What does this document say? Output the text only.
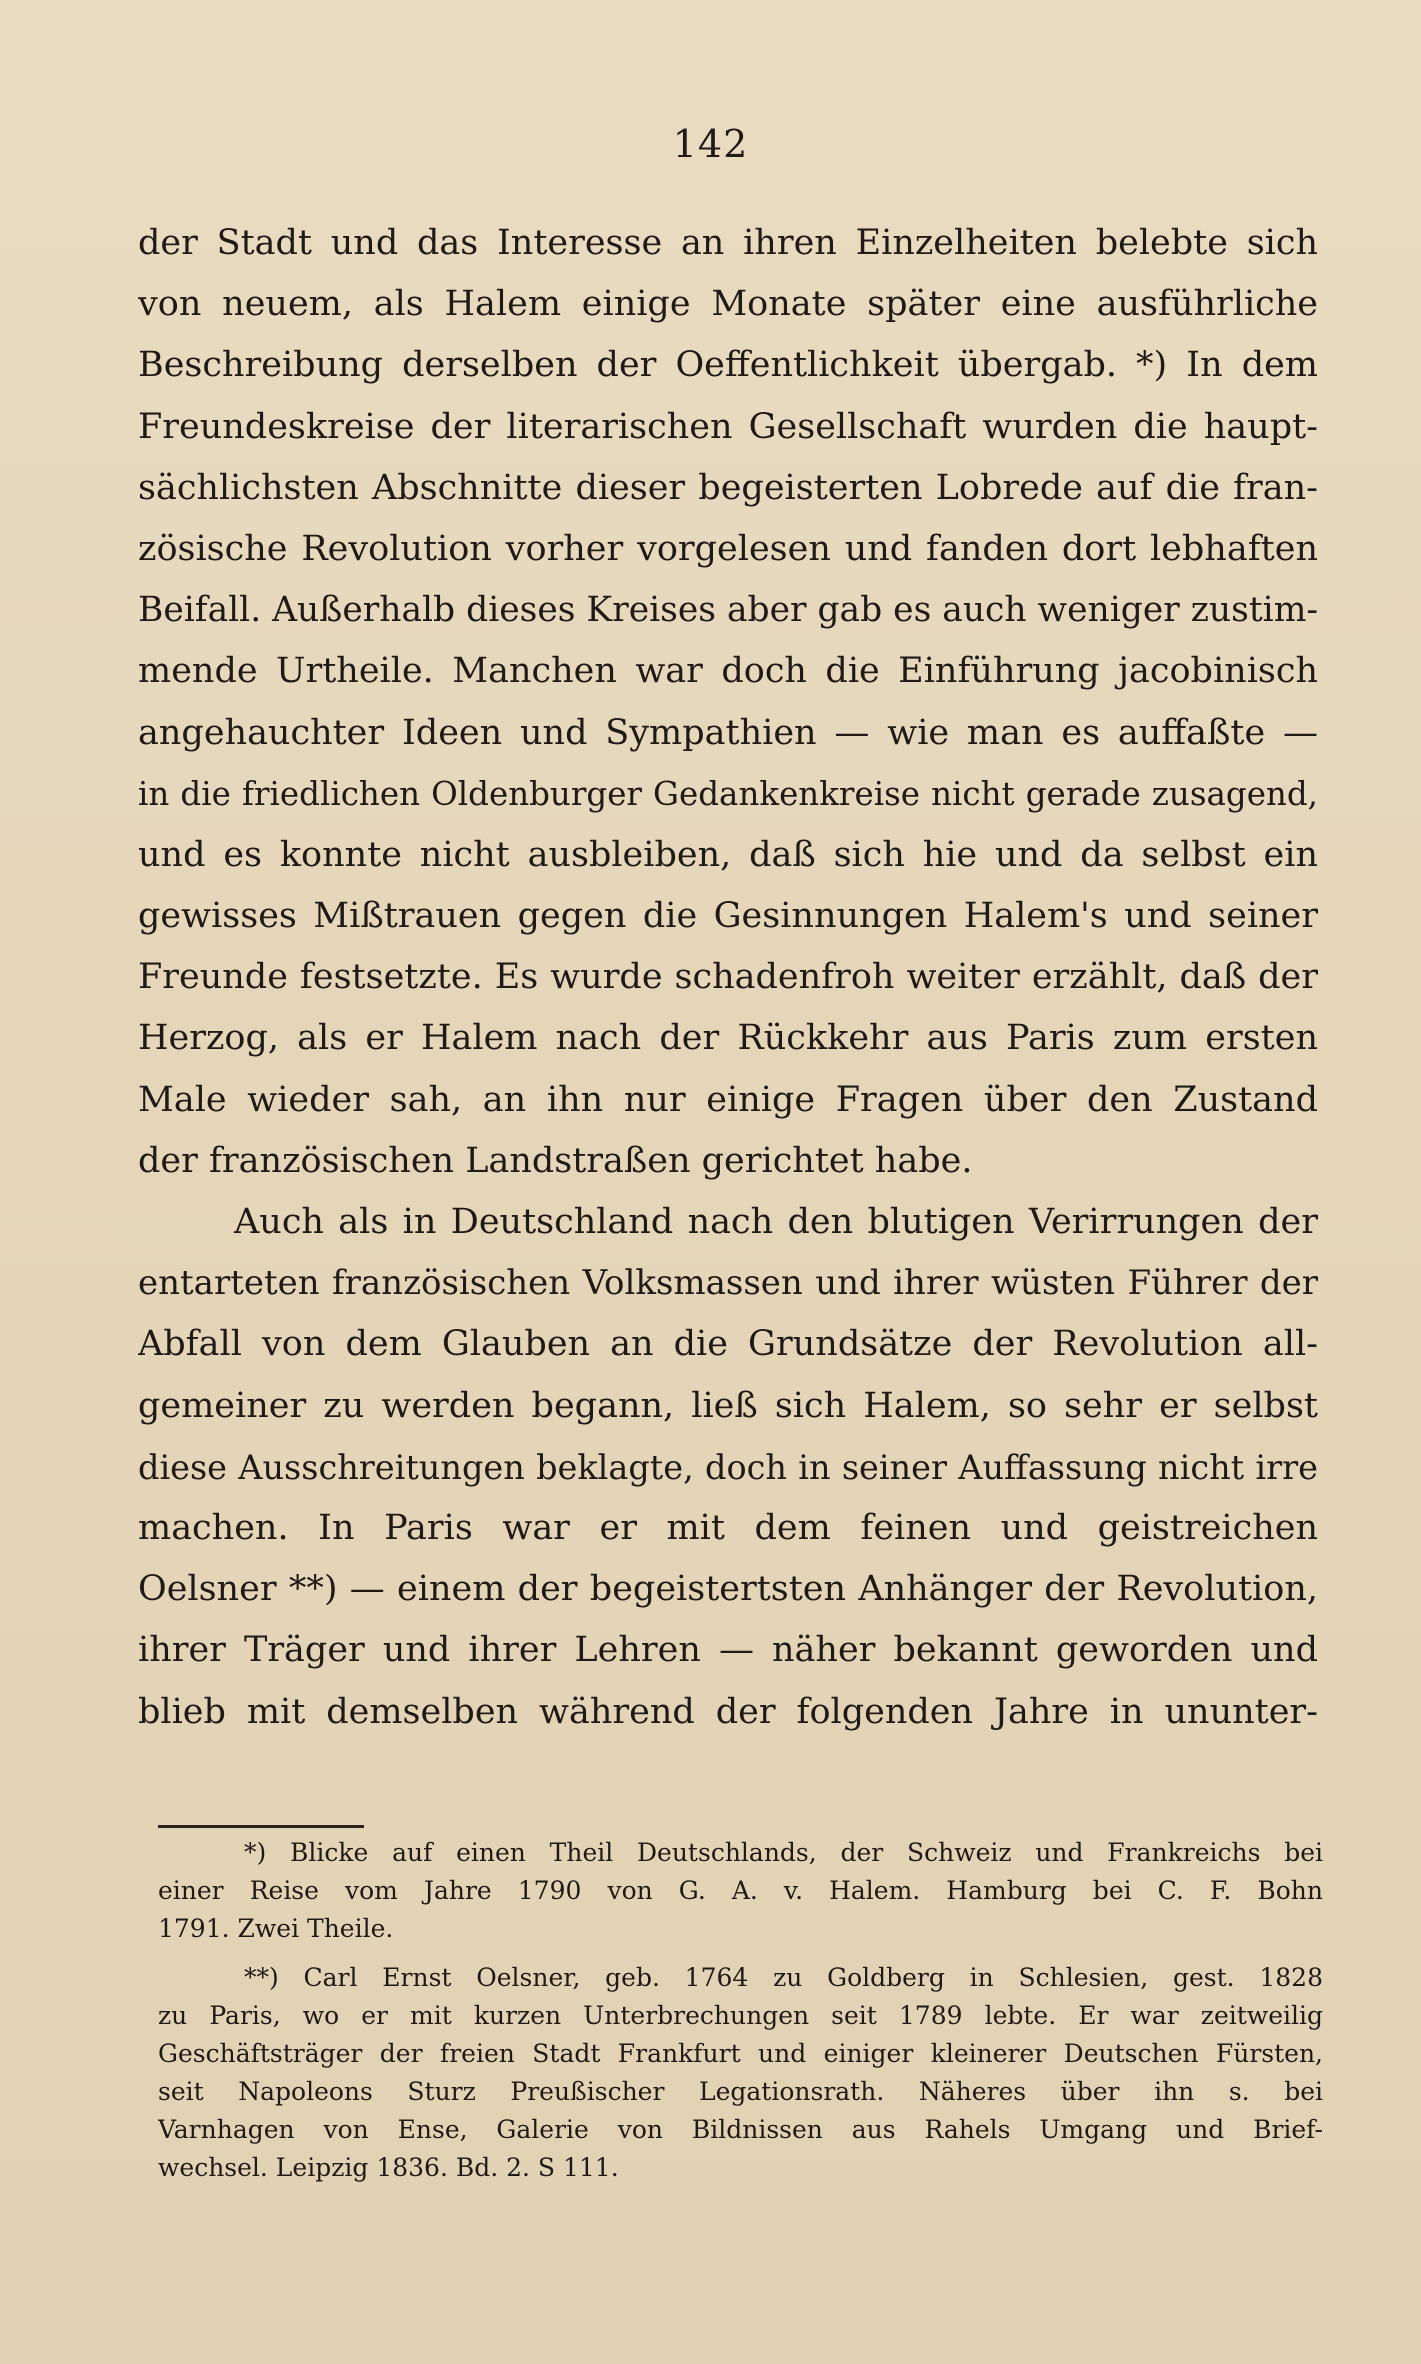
142
der Stadt und das Interesse an ihren Einzelheiten belebte sich
von neuem, als Halem einige Monate später eine ausführliche
Beschreibung derselben der Oeffentlichkeit übergab. *) In dem
Freundeskreise der literarischen Gesellschaft wurden die haupt-
sächlichsten Abschnitte dieser begeisterten Lobrede auf die fran-
zösische Revolution vorher vorgelesen und fanden dort lebhaften
Beifall. Außerhalb dieses Kreises aber gab es auch weniger zustim-
mende Urtheile. Manchen war doch die Einführung jacobinisch
angehauchter Ideen und Sympathien — wie man es auffaßte —
in die friedlichen Oldenburger Gedankenkreise nicht gerade zusagend,
und es konnte nicht ausbleiben, daß sich hie und da selbst ein
gewisses Mißtrauen gegen die Gesinnungen Halem's und seiner
Freunde festsetzte. Es wurde schadenfroh weiter erzählt, daß der
Herzog, als er Halem nach der Rückkehr aus Paris zum ersten
Male wieder sah, an ihn nur einige Fragen über den Zustand
der französischen Landstraßen gerichtet habe.
Auch als in Deutschland nach den blutigen Verirrungen der
entarteten französischen Volksmassen und ihrer wüsten Führer der
Abfall von dem Glauben an die Grundsätze der Revolution all-
gemeiner zu werden begann, ließ sich Halem, so sehr er selbst
diese Ausschreitungen beklagte, doch in seiner Auffassung nicht irre
machen. In Paris war er mit dem feinen und geistreichen
Oelsner **) — einem der begeistertsten Anhänger der Revolution,
ihrer Träger und ihrer Lehren — näher bekannt geworden und
blieb mit demselben während der folgenden Jahre in ununter-
*) Blicke auf einen Theil Deutschlands, der Schweiz und Frankreichs bei
einer Reise vom Jahre 1790 von G. A. v. Halem. Hamburg bei C. F. Bohn
1791. Zwei Theile.
**) Carl Ernst Oelsner, geb. 1764 zu Goldberg in Schlesien, gest. 1828
zu Paris, wo er mit kurzen Unterbrechungen seit 1789 lebte. Er war zeitweilig
Geschäftsträger der freien Stadt Frankfurt und einiger kleinerer Deutschen Fürsten,
seit Napoleons Sturz Preußischer Legationsrath. Näheres über ihn s. bei
Varnhagen von Ense, Galerie von Bildnissen aus Rahels Umgang und Brief-
wechsel. Leipzig 1836. Bd. 2. S 111.
